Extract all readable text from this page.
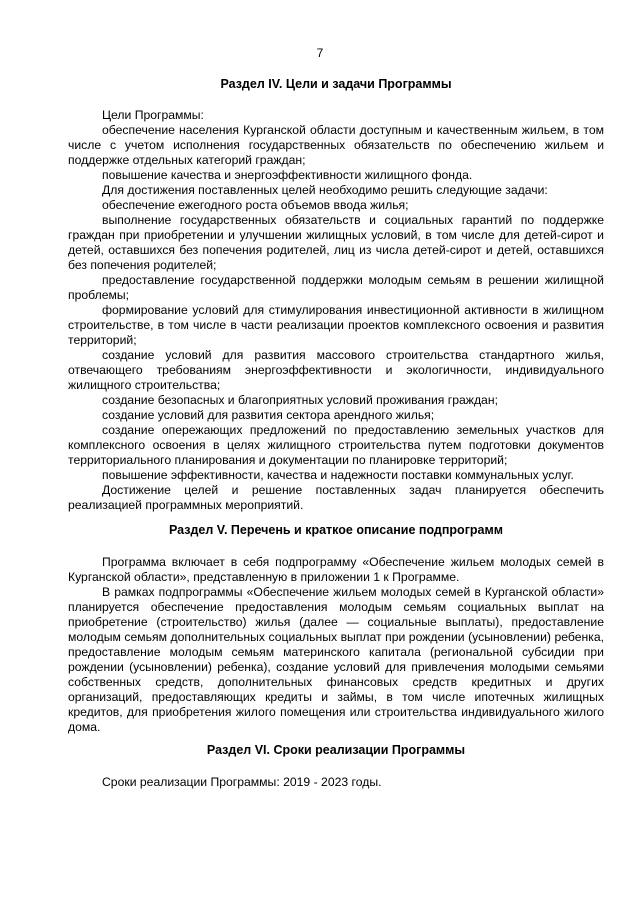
7
Раздел IV. Цели и задачи Программы
Цели Программы:
обеспечение населения Курганской области доступным и качественным жильем, в том числе с учетом исполнения государственных обязательств по обеспечению жильем и поддержке отдельных категорий граждан;
повышение качества и энергоэффективности жилищного фонда.
Для достижения поставленных целей необходимо решить следующие задачи:
обеспечение ежегодного роста объемов ввода жилья;
выполнение государственных обязательств и социальных гарантий по поддержке граждан при приобретении и улучшении жилищных условий, в том числе для детей-сирот и детей, оставшихся без попечения родителей, лиц из числа детей-сирот и детей, оставшихся без попечения родителей;
предоставление государственной поддержки молодым семьям в решении жилищной проблемы;
формирование условий для стимулирования инвестиционной активности в жилищном строительстве, в том числе в части реализации проектов комплексного освоения и развития территорий;
создание условий для развития массового строительства стандартного жилья, отвечающего требованиям энергоэффективности и экологичности, индивидуального жилищного строительства;
создание безопасных и благоприятных условий проживания граждан;
создание условий для развития сектора арендного жилья;
создание опережающих предложений по предоставлению земельных участков для комплексного освоения в целях жилищного строительства путем подготовки документов территориального планирования и документации по планировке территорий;
повышение эффективности, качества и надежности поставки коммунальных услуг.
Достижение целей и решение поставленных задач планируется обеспечить реализацией программных мероприятий.
Раздел V. Перечень и краткое описание подпрограмм
Программа включает в себя подпрограмму «Обеспечение жильем молодых семей в Курганской области», представленную в приложении 1 к Программе.
В рамках подпрограммы «Обеспечение жильем молодых семей в Курганской области» планируется обеспечение предоставления молодым семьям социальных выплат на приобретение (строительство) жилья (далее — социальные выплаты), предоставление молодым семьям дополнительных социальных выплат при рождении (усыновлении) ребенка, предоставление молодым семьям материнского капитала (региональной субсидии при рождении (усыновлении) ребенка), создание условий для привлечения молодыми семьями собственных средств, дополнительных финансовых средств кредитных и других организаций, предоставляющих кредиты и займы, в том числе ипотечных жилищных кредитов, для приобретения жилого помещения или строительства индивидуального жилого дома.
Раздел VI. Сроки реализации Программы
Сроки реализации Программы: 2019 - 2023 годы.
